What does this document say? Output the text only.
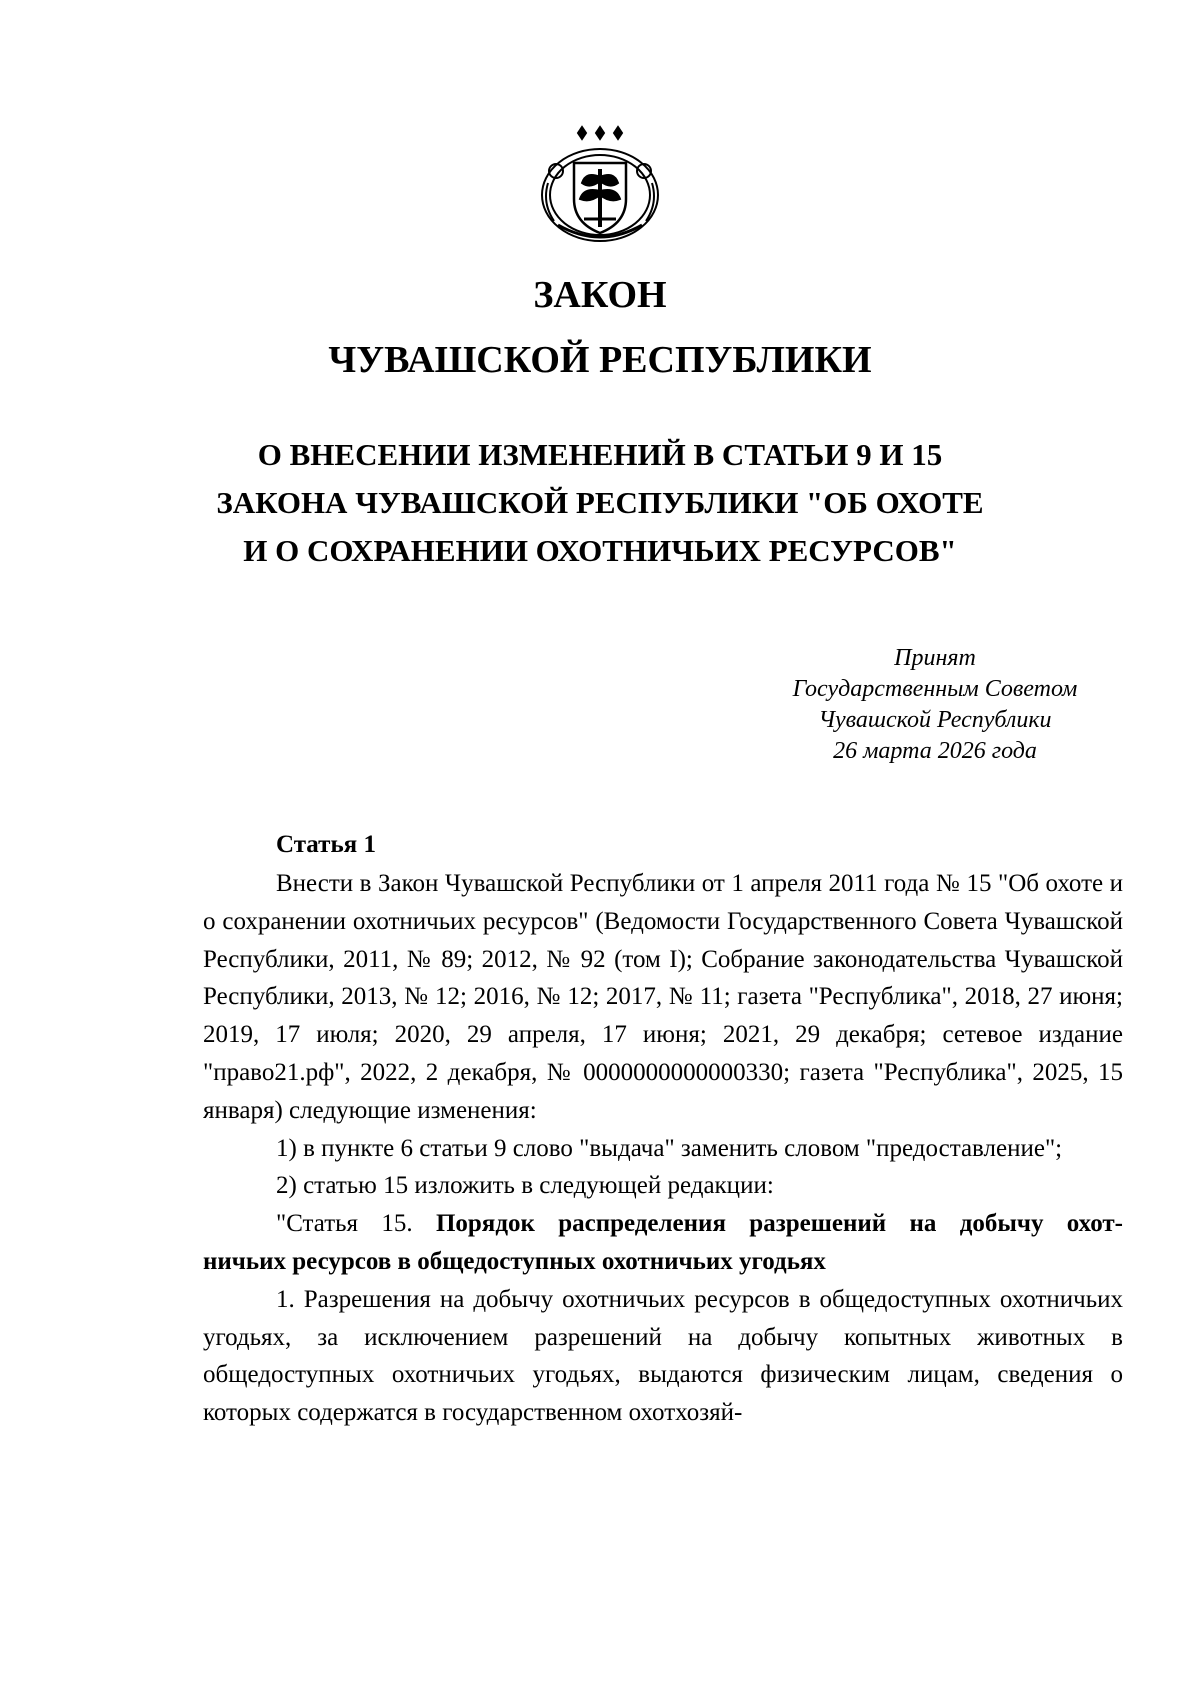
ЗАКОН
ЧУВАШСКОЙ РЕСПУБЛИКИ
О ВНЕСЕНИИ ИЗМЕНЕНИЙ В СТАТЬИ 9 И 15
ЗАКОНА ЧУВАШСКОЙ РЕСПУБЛИКИ "ОБ ОХОТЕ
И О СОХРАНЕНИИ ОХОТНИЧЬИХ РЕСУРСОВ"
Принят
Государственным Советом
Чувашской Республики
26 марта 2026 года
Статья 1

Внести в Закон Чувашской Республики от 1 апреля 2011 года № 15 "Об охоте и о сохранении охотничьих ресурсов" (Ведомости Государственного Совета Чувашской Республики, 2011, № 89; 2012, № 92 (том I); Собрание законодательства Чувашской Республики, 2013, № 12; 2016, № 12; 2017, № 11; газета "Республика", 2018, 27 июня; 2019, 17 июля; 2020, 29 апреля, 17 июня; 2021, 29 декабря; сетевое издание "право21.рф", 2022, 2 декабря, № 0000000000000330; газета "Республика", 2025, 15 января) следующие изменения:

1) в пункте 6 статьи 9 слово "выдача" заменить словом "предоставление";

2) статью 15 изложить в следующей редакции:

"Статья 15. Порядок распределения разрешений на добычу охот-

ничьих ресурсов в общедоступных охотничьих угодьях

1. Разрешения на добычу охотничьих ресурсов в общедоступных охотничьих угодьях, за исключением разрешений на добычу копытных животных в общедоступных охотничьих угодьях, выдаются физическим лицам, сведения о которых содержатся в государственном охотхозяй-
